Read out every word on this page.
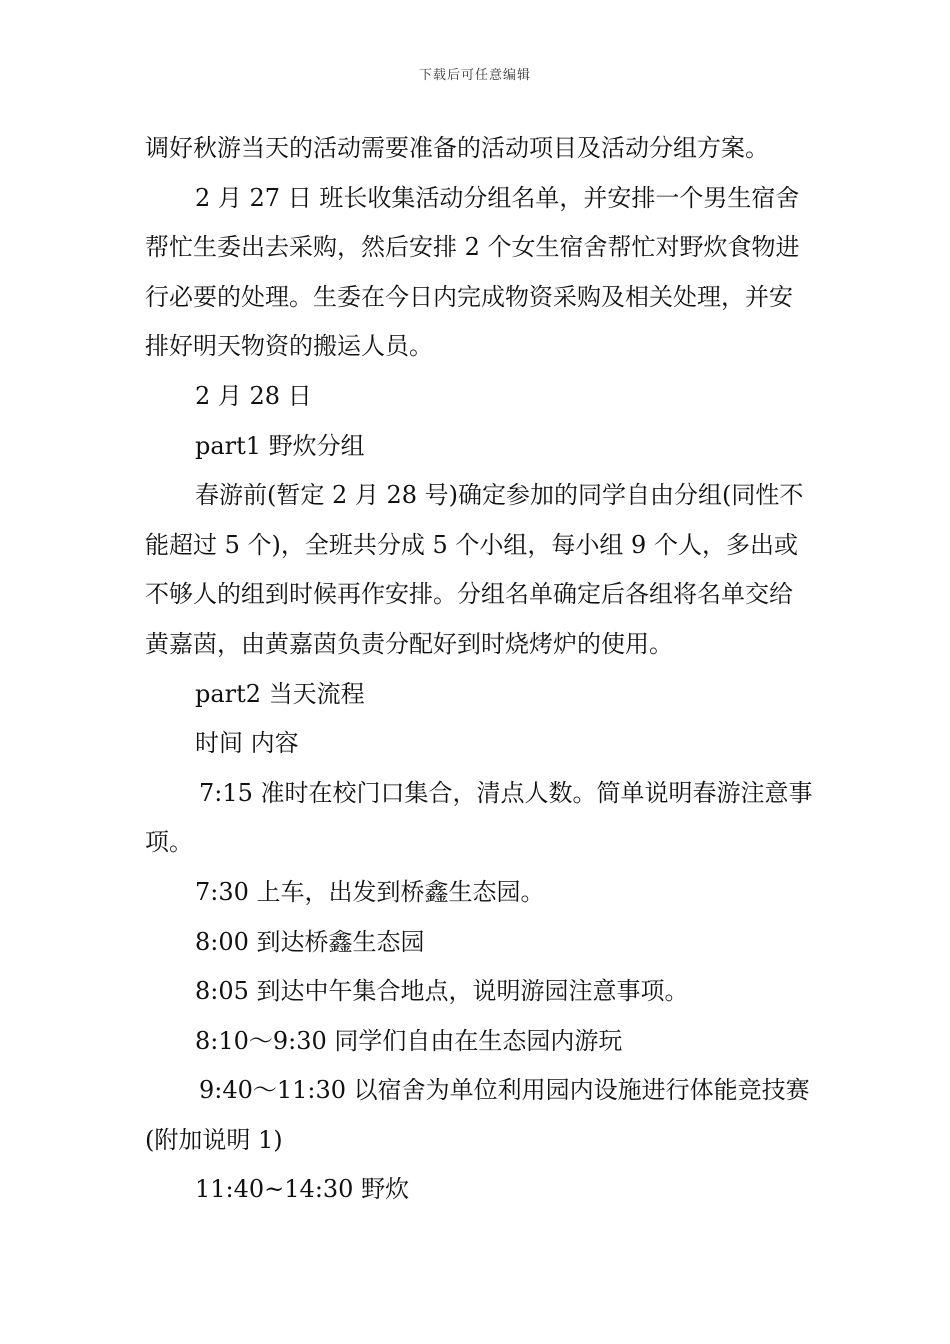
下载后可任意编辑

调好秋游当天的活动需要准备的活动项目及活动分组方案。

2 月 27 日 班长收集活动分组名单，并安排一个男生宿舍帮忙生委出去采购，然后安排 2 个女生宿舍帮忙对野炊食物进行必要的处理。生委在今日内完成物资采购及相关处理，并安排好明天物资的搬运人员。

2 月 28 日

part1 野炊分组

春游前(暂定 2 月 28 号)确定参加的同学自由分组(同性不能超过 5 个)，全班共分成 5 个小组，每小组 9 个人，多出或不够人的组到时候再作安排。分组名单确定后各组将名单交给黄嘉茵，由黄嘉茵负责分配好到时烧烤炉的使用。

part2 当天流程

时间 内容

7:15 准时在校门口集合，清点人数。简单说明春游注意事项。

7:30 上车，出发到桥鑫生态园。

8:00 到达桥鑫生态园

8:05 到达中午集合地点，说明游园注意事项。

8:10～9:30 同学们自由在生态园内游玩

9:40～11:30 以宿舍为单位利用园内设施进行体能竞技赛(附加说明 1)

11:40~14:30 野炊
